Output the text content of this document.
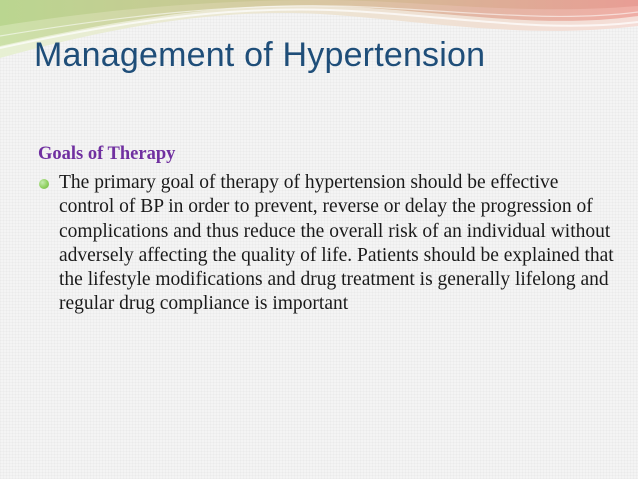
Management of Hypertension
Goals of Therapy

The primary goal of therapy of hypertension should be effective control of BP in order to prevent, reverse or delay the progression of complications and thus reduce the overall risk of an individual without adversely affecting the quality of life. Patients should be explained that the lifestyle modifications and drug treatment is generally lifelong and regular drug compliance is important
